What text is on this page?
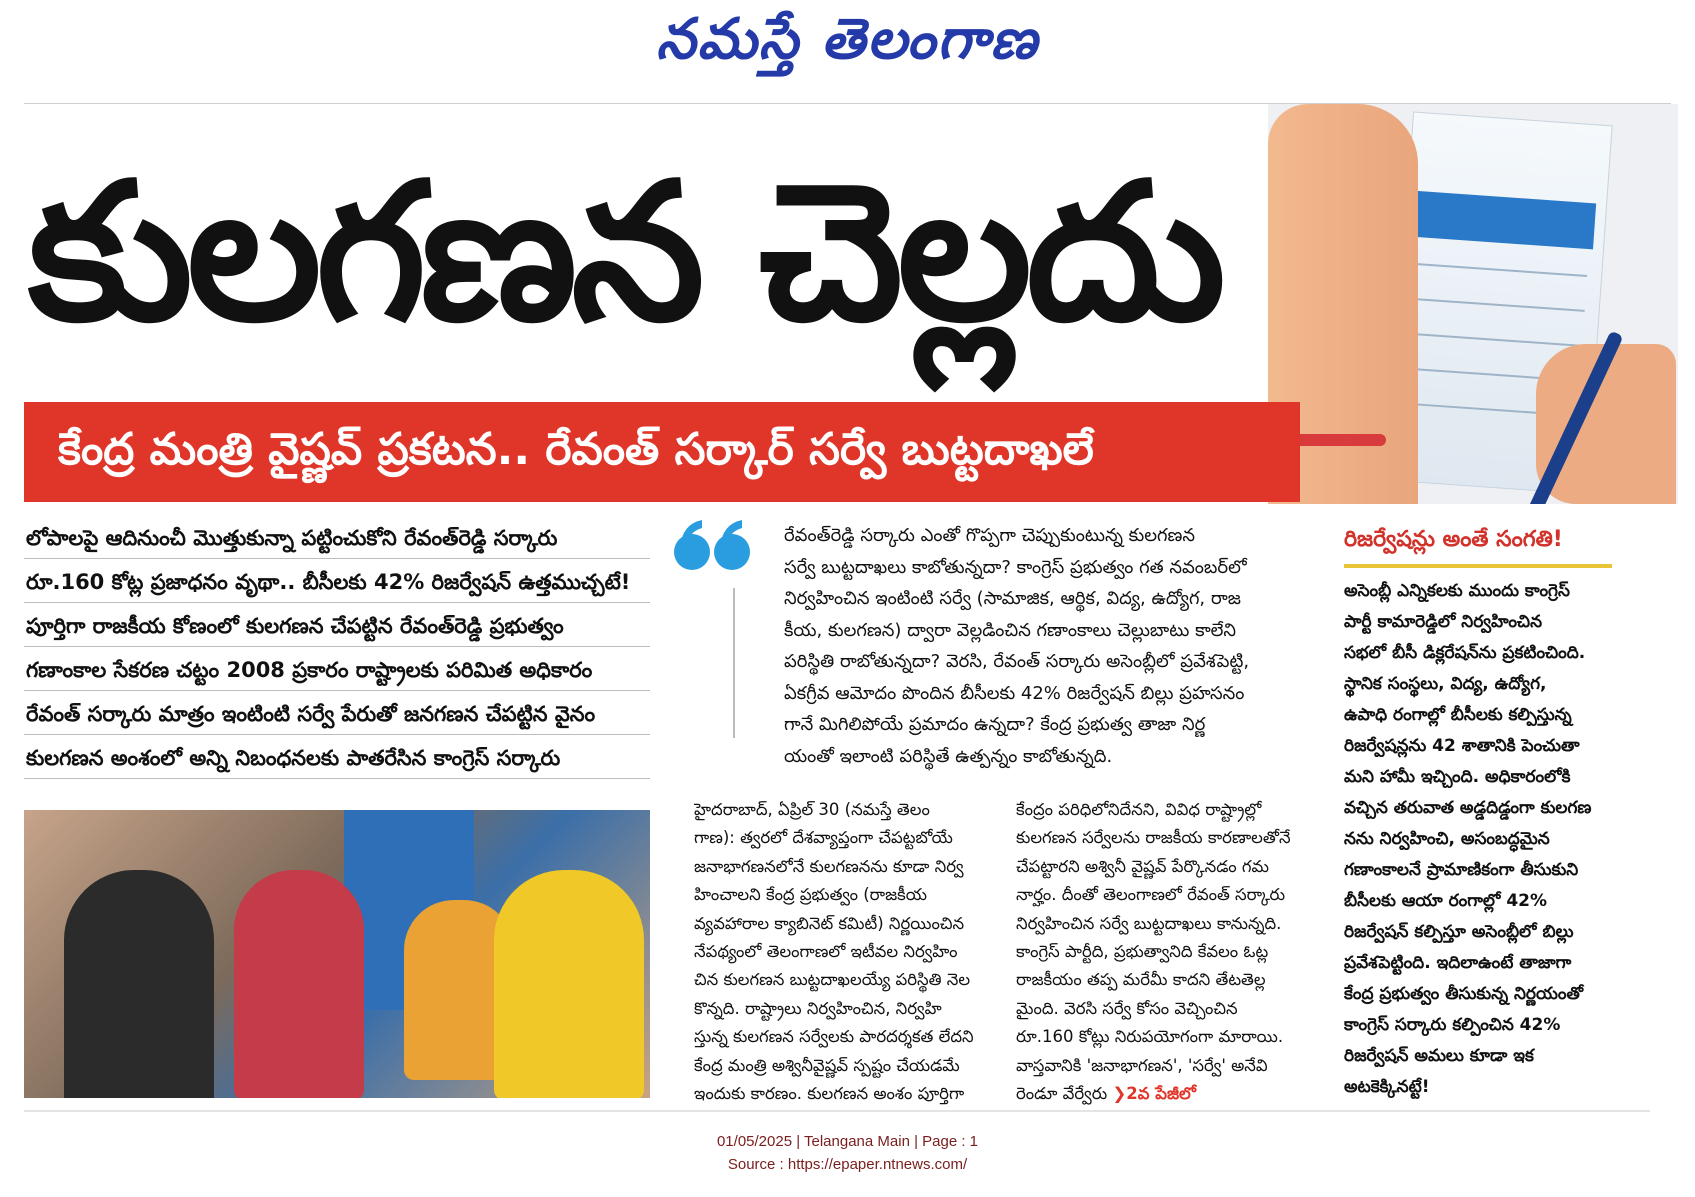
నమస్తే తెలంగాణ
కులగణన చెల్లదు
కేంద్ర మంత్రి వైష్ణవ్ ప్రకటన.. రేవంత్ సర్కార్ సర్వే బుట్టదాఖలే
లోపాలపై ఆదినుంచీ మొత్తుకున్నా పట్టించుకోని రేవంత్‌రెడ్డి సర్కారు
రూ.160 కోట్ల ప్రజాధనం వృథా.. బీసీలకు 42% రిజర్వేషన్ ఉత్తముచ్చటే!
పూర్తిగా రాజకీయ కోణంలో కులగణన చేపట్టిన రేవంత్‌రెడ్డి ప్రభుత్వం
గణాంకాల సేకరణ చట్టం 2008 ప్రకారం రాష్ట్రాలకు పరిమిత అధికారం
రేవంత్ సర్కారు మాత్రం ఇంటింటి సర్వే పేరుతో జనగణన చేపట్టిన వైనం
కులగణన అంశంలో అన్ని నిబంధనలకు పాతరేసిన కాంగ్రెస్ సర్కారు

రేవంత్‌రెడ్డి సర్కారు ఎంతో గొప్పగా చెప్పుకుంటున్న కులగణన

సర్వే బుట్టదాఖలు కాబోతున్నదా? కాంగ్రెస్ ప్రభుత్వం గత నవంబర్‌లో

నిర్వహించిన ఇంటింటి సర్వే (సామాజిక, ఆర్థిక, విద్య, ఉద్యోగ, రాజ

కీయ, కులగణన) ద్వారా వెల్లడించిన గణాంకాలు చెల్లుబాటు కాలేని

పరిస్థితి రాబోతున్నదా? వెరసి, రేవంత్ సర్కారు అసెంబ్లీలో ప్రవేశపెట్టి,

ఏకగ్రీవ ఆమోదం పొందిన బీసీలకు 42% రిజర్వేషన్ బిల్లు ప్రహసనం

గానే మిగిలిపోయే ప్రమాదం ఉన్నదా? కేంద్ర ప్రభుత్వ తాజా నిర్ణ

యంతో ఇలాంటి పరిస్థితే ఉత్పన్నం కాబోతున్నది.

హైదరాబాద్, ఏప్రిల్ 30 (నమస్తే తెలం

గాణ): త్వరలో దేశవ్యాప్తంగా చేపట్టబోయే

జనాభాగణనలోనే కులగణనను కూడా నిర్వ

హించాలని కేంద్ర ప్రభుత్వం (రాజకీయ

వ్యవహారాల క్యాబినెట్ కమిటీ) నిర్ణయించిన

నేపథ్యంలో తెలంగాణలో ఇటీవల నిర్వహిం

చిన కులగణన బుట్టదాఖలయ్యే పరిస్థితి నెల

కొన్నది. రాష్ట్రాలు నిర్వహించిన, నిర్వహి

స్తున్న కులగణన సర్వేలకు పారదర్శకత లేదని

కేంద్ర మంత్రి అశ్వినీవైష్ణవ్ స్పష్టం చేయడమే

ఇందుకు కారణం. కులగణన అంశం పూర్తిగా

కేంద్రం పరిధిలోనిదేనని, వివిధ రాష్ట్రాల్లో

కులగణన సర్వేలను రాజకీయ కారణాలతోనే

చేపట్టారని అశ్వినీ వైష్ణవ్ పేర్కొనడం గమ

నార్హం. దీంతో తెలంగాణలో రేవంత్ సర్కారు

నిర్వహించిన సర్వే బుట్టదాఖలు కానున్నది.

కాంగ్రెస్ పార్టీది, ప్రభుత్వానిది కేవలం ఓట్ల

రాజకీయం తప్ప మరేమీ కాదని తేటతెల్ల

మైంది. వెరసి సర్వే కోసం వెచ్చించిన

రూ.160 కోట్లు నిరుపయోగంగా మారాయి.

వాస్తవానికి 'జనాభాగణన', 'సర్వే' అనేవి

రెండూ వేర్వేరు ❯2వ పేజీలో

రిజర్వేషన్లు అంతే సంగతి!

అసెంబ్లీ ఎన్నికలకు ముందు కాంగ్రెస్

పార్టీ కామారెడ్డిలో నిర్వహించిన

సభలో బీసీ డిక్లరేషన్‌ను ప్రకటించింది.

స్థానిక సంస్థలు, విద్య, ఉద్యోగ,

ఉపాధి రంగాల్లో బీసీలకు కల్పిస్తున్న

రిజర్వేషన్లను 42 శాతానికి పెంచుతా

మని హామీ ఇచ్చింది. అధికారంలోకి

వచ్చిన తరువాత అడ్డదిడ్డంగా కులగణ

నను నిర్వహించి, అసంబద్ధమైన

గణాంకాలనే ప్రామాణికంగా తీసుకుని

బీసీలకు ఆయా రంగాల్లో 42%

రిజర్వేషన్ కల్పిస్తూ అసెంబ్లీలో బిల్లు

ప్రవేశపెట్టింది. ఇదిలాఉంటే తాజాగా

కేంద్ర ప్రభుత్వం తీసుకున్న నిర్ణయంతో

కాంగ్రెస్ సర్కారు కల్పించిన 42%

రిజర్వేషన్ అమలు కూడా ఇక

అటకెక్కినట్టే!

01/05/2025 | Telangana Main | Page : 1
Source : https://epaper.ntnews.com/
